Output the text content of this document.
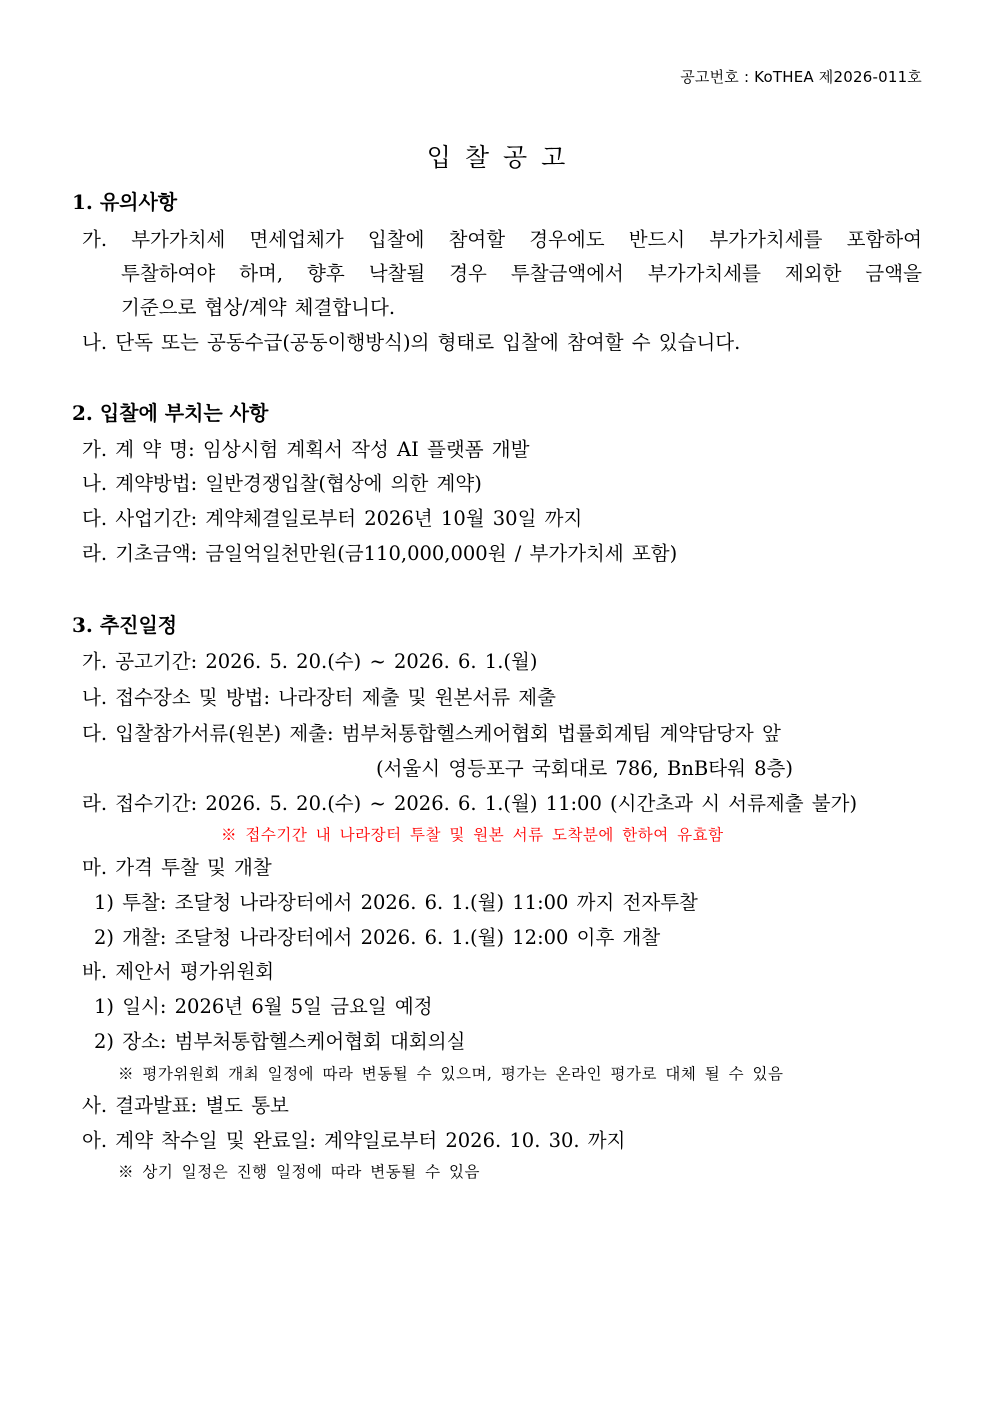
공고번호 : KoTHEA 제2026-011호
입찰공고
1. 유의사항
가. 부가가치세 면세업체가 입찰에 참여할 경우에도 반드시 부가가치세를 포함하여
투찰하여야 하며, 향후 낙찰될 경우 투찰금액에서 부가가치세를 제외한 금액을
기준으로 협상/계약 체결합니다.
나. 단독 또는 공동수급(공동이행방식)의 형태로 입찰에 참여할 수 있습니다.
2. 입찰에 부치는 사항
가. 계 약 명: 임상시험 계획서 작성 AI 플랫폼 개발
나. 계약방법: 일반경쟁입찰(협상에 의한 계약)
다. 사업기간: 계약체결일로부터 2026년 10월 30일 까지
라. 기초금액: 금일억일천만원(금110,000,000원 / 부가가치세 포함)
3. 추진일정
가. 공고기간: 2026. 5. 20.(수) ~ 2026. 6. 1.(월)
나. 접수장소 및 방법: 나라장터 제출 및 원본서류 제출
다. 입찰참가서류(원본) 제출: 범부처통합헬스케어협회 법률회계팀 계약담당자 앞
(서울시 영등포구 국회대로 786, BnB타워 8층)
라. 접수기간: 2026. 5. 20.(수) ~ 2026. 6. 1.(월) 11:00 (시간초과 시 서류제출 불가)
※ 접수기간 내 나라장터 투찰 및 원본 서류 도착분에 한하여 유효함
마. 가격 투찰 및 개찰
1) 투찰: 조달청 나라장터에서 2026. 6. 1.(월) 11:00 까지 전자투찰
2) 개찰: 조달청 나라장터에서 2026. 6. 1.(월) 12:00 이후 개찰
바. 제안서 평가위원회
1) 일시: 2026년 6월 5일 금요일 예정
2) 장소: 범부처통합헬스케어협회 대회의실
※ 평가위원회 개최 일정에 따라 변동될 수 있으며, 평가는 온라인 평가로 대체 될 수 있음
사. 결과발표: 별도 통보
아. 계약 착수일 및 완료일: 계약일로부터 2026. 10. 30. 까지
※ 상기 일정은 진행 일정에 따라 변동될 수 있음
